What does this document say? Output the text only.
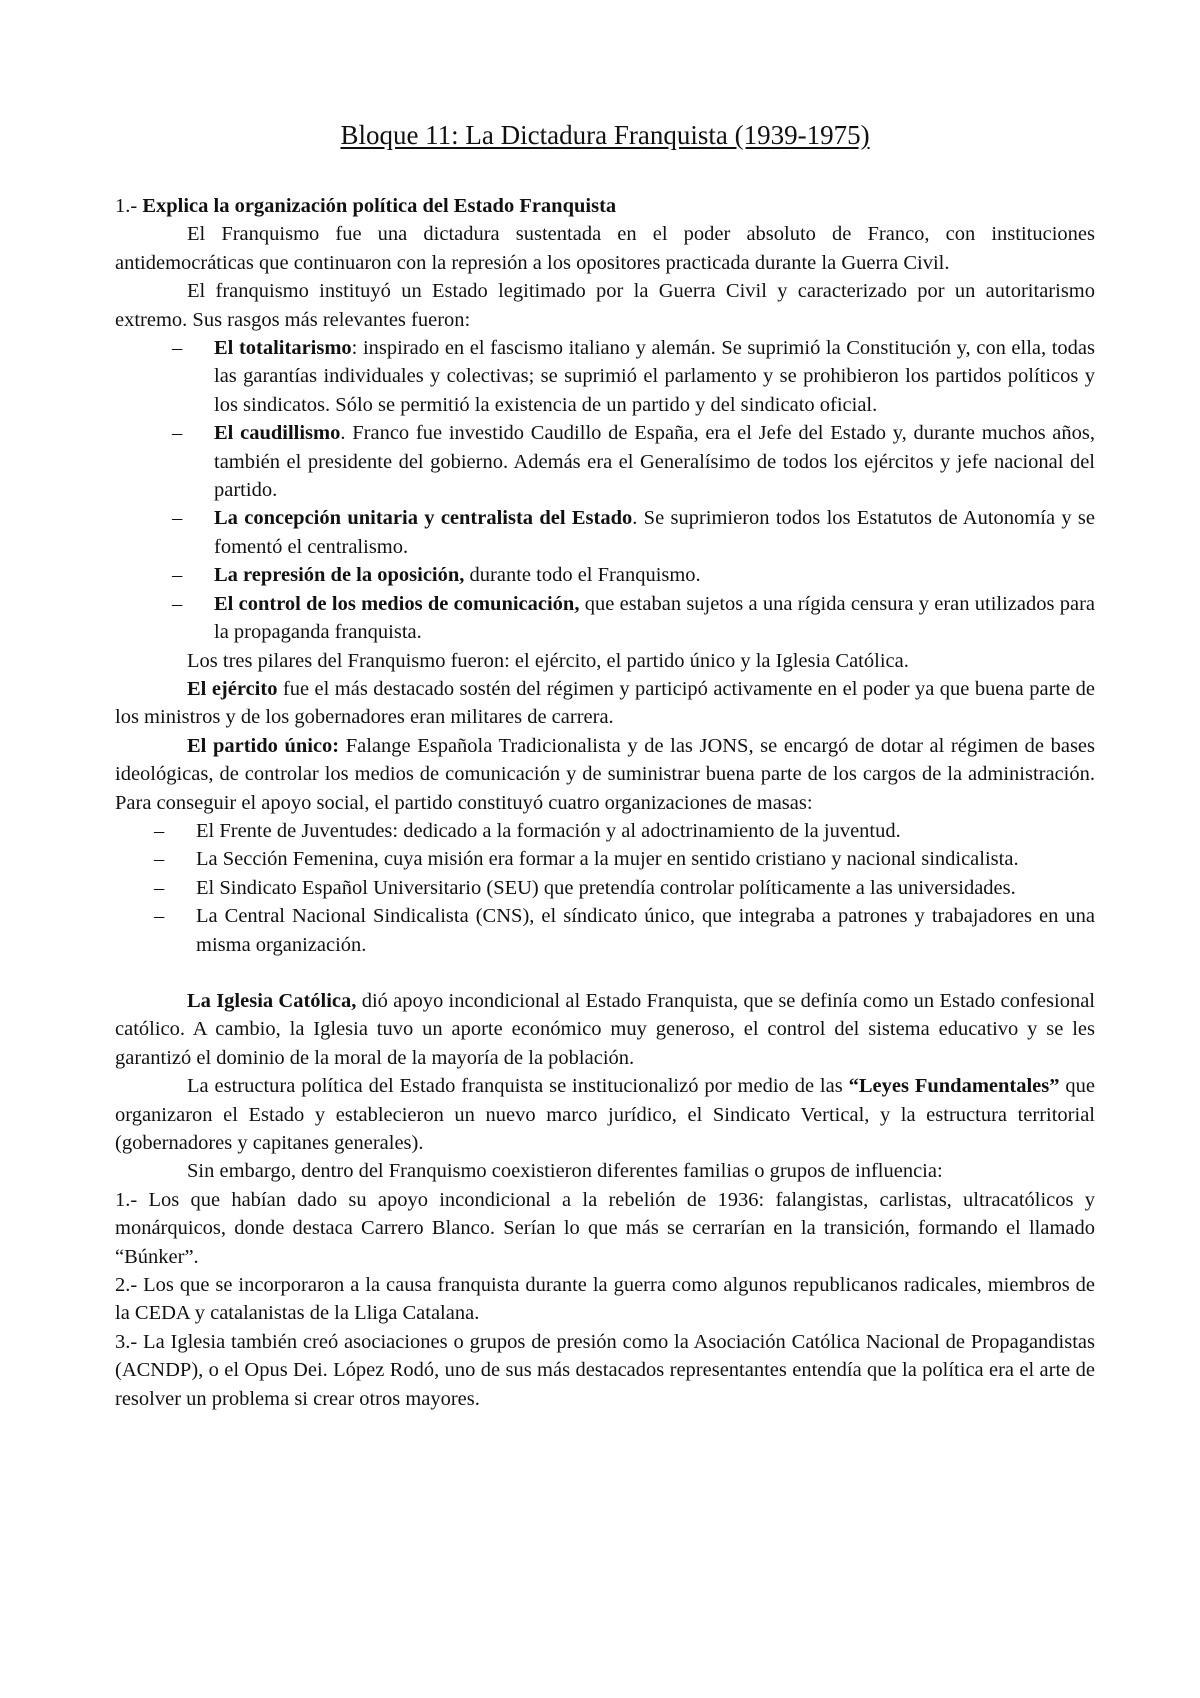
Bloque 11: La Dictadura Franquista (1939-1975)

1.- Explica la organización política del Estado Franquista

El Franquismo fue una dictadura sustentada en el poder absoluto de Franco, con instituciones antidemocráticas que continuaron con la represión a los opositores practicada durante la Guerra Civil.

El franquismo instituyó un Estado legitimado por la Guerra Civil y caracterizado por un autoritarismo extremo. Sus rasgos más relevantes fueron:

– El totalitarismo: inspirado en el fascismo italiano y alemán. Se suprimió la Constitución y, con ella, todas las garantías individuales y colectivas; se suprimió el parlamento y se prohibieron los partidos políticos y los sindicatos. Sólo se permitió la existencia de un partido y del sindicato oficial.
– El caudillismo. Franco fue investido Caudillo de España, era el Jefe del Estado y, durante muchos años, también el presidente del gobierno. Además era el Generalísimo de todos los ejércitos y jefe nacional del partido.
– La concepción unitaria y centralista del Estado. Se suprimieron todos los Estatutos de Autonomía y se fomentó el centralismo.
– La represión de la oposición, durante todo el Franquismo.
– El control de los medios de comunicación, que estaban sujetos a una rígida censura y eran utilizados para la propaganda franquista.

Los tres pilares del Franquismo fueron: el ejército, el partido único y la Iglesia Católica.

El ejército fue el más destacado sostén del régimen y participó activamente en el poder ya que buena parte de los ministros y de los gobernadores eran militares de carrera.

El partido único: Falange Española Tradicionalista y de las JONS, se encargó de dotar al régimen de bases ideológicas, de controlar los medios de comunicación y de suministrar buena parte de los cargos de la administración. Para conseguir el apoyo social, el partido constituyó cuatro organizaciones de masas:

– El Frente de Juventudes: dedicado a la formación y al adoctrinamiento de la juventud.
– La Sección Femenina, cuya misión era formar a la mujer en sentido cristiano y nacional sindicalista.
– El Sindicato Español Universitario (SEU) que pretendía controlar políticamente a las universidades.
– La Central Nacional Sindicalista (CNS), el síndicato único, que integraba a patrones y trabajadores en una misma organización.

La Iglesia Católica, dió apoyo incondicional al Estado Franquista, que se definía como un Estado confesional católico. A cambio, la Iglesia tuvo un aporte económico muy generoso, el control del sistema educativo y se les garantizó el dominio de la moral de la mayoría de la población.

La estructura política del Estado franquista se institucionalizó por medio de las “Leyes Fundamentales” que organizaron el Estado y establecieron un nuevo marco jurídico, el Sindicato Vertical, y la estructura territorial (gobernadores y capitanes generales).

Sin embargo, dentro del Franquismo coexistieron diferentes familias o grupos de influencia:

1.- Los que habían dado su apoyo incondicional a la rebelión de 1936: falangistas, carlistas, ultracatólicos y monárquicos, donde destaca Carrero Blanco. Serían lo que más se cerrarían en la transición, formando el llamado “Búnker”.

2.- Los que se incorporaron a la causa franquista durante la guerra como algunos republicanos radicales, miembros de la CEDA y catalanistas de la Lliga Catalana.

3.- La Iglesia también creó asociaciones o grupos de presión como la Asociación Católica Nacional de Propagandistas (ACNDP), o el Opus Dei. López Rodó, uno de sus más destacados representantes entendía que la política era el arte de resolver un problema si crear otros mayores.
